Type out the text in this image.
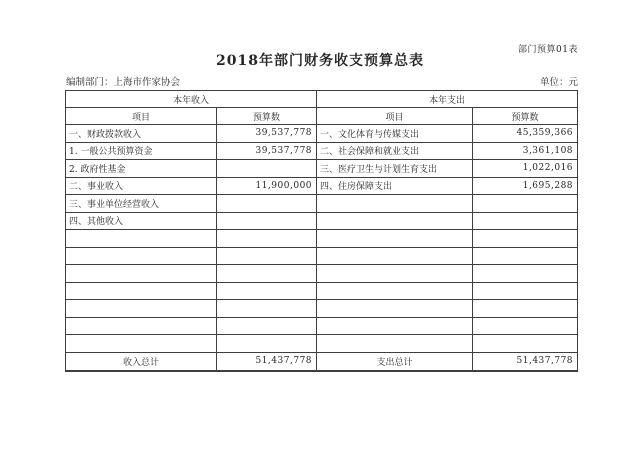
部门预算01表
2018年部门财务收支预算总表
编制部门：上海市作家协会	单位：元
本年收入		本年支出	
项目	预算数	项目	预算数
一、财政拨款收入	39,537,778	一、文化体育与传媒支出	45,359,366
1. 一般公共预算资金	39,537,778	二、社会保障和就业支出	3,361,108
2. 政府性基金		三、医疗卫生与计划生育支出	1,022,016
二、事业收入	11,900,000	四、住房保障支出	1,695,288
三、事业单位经营收入			
四、其他收入			

收入总计	51,437,778	支出总计	51,437,778
